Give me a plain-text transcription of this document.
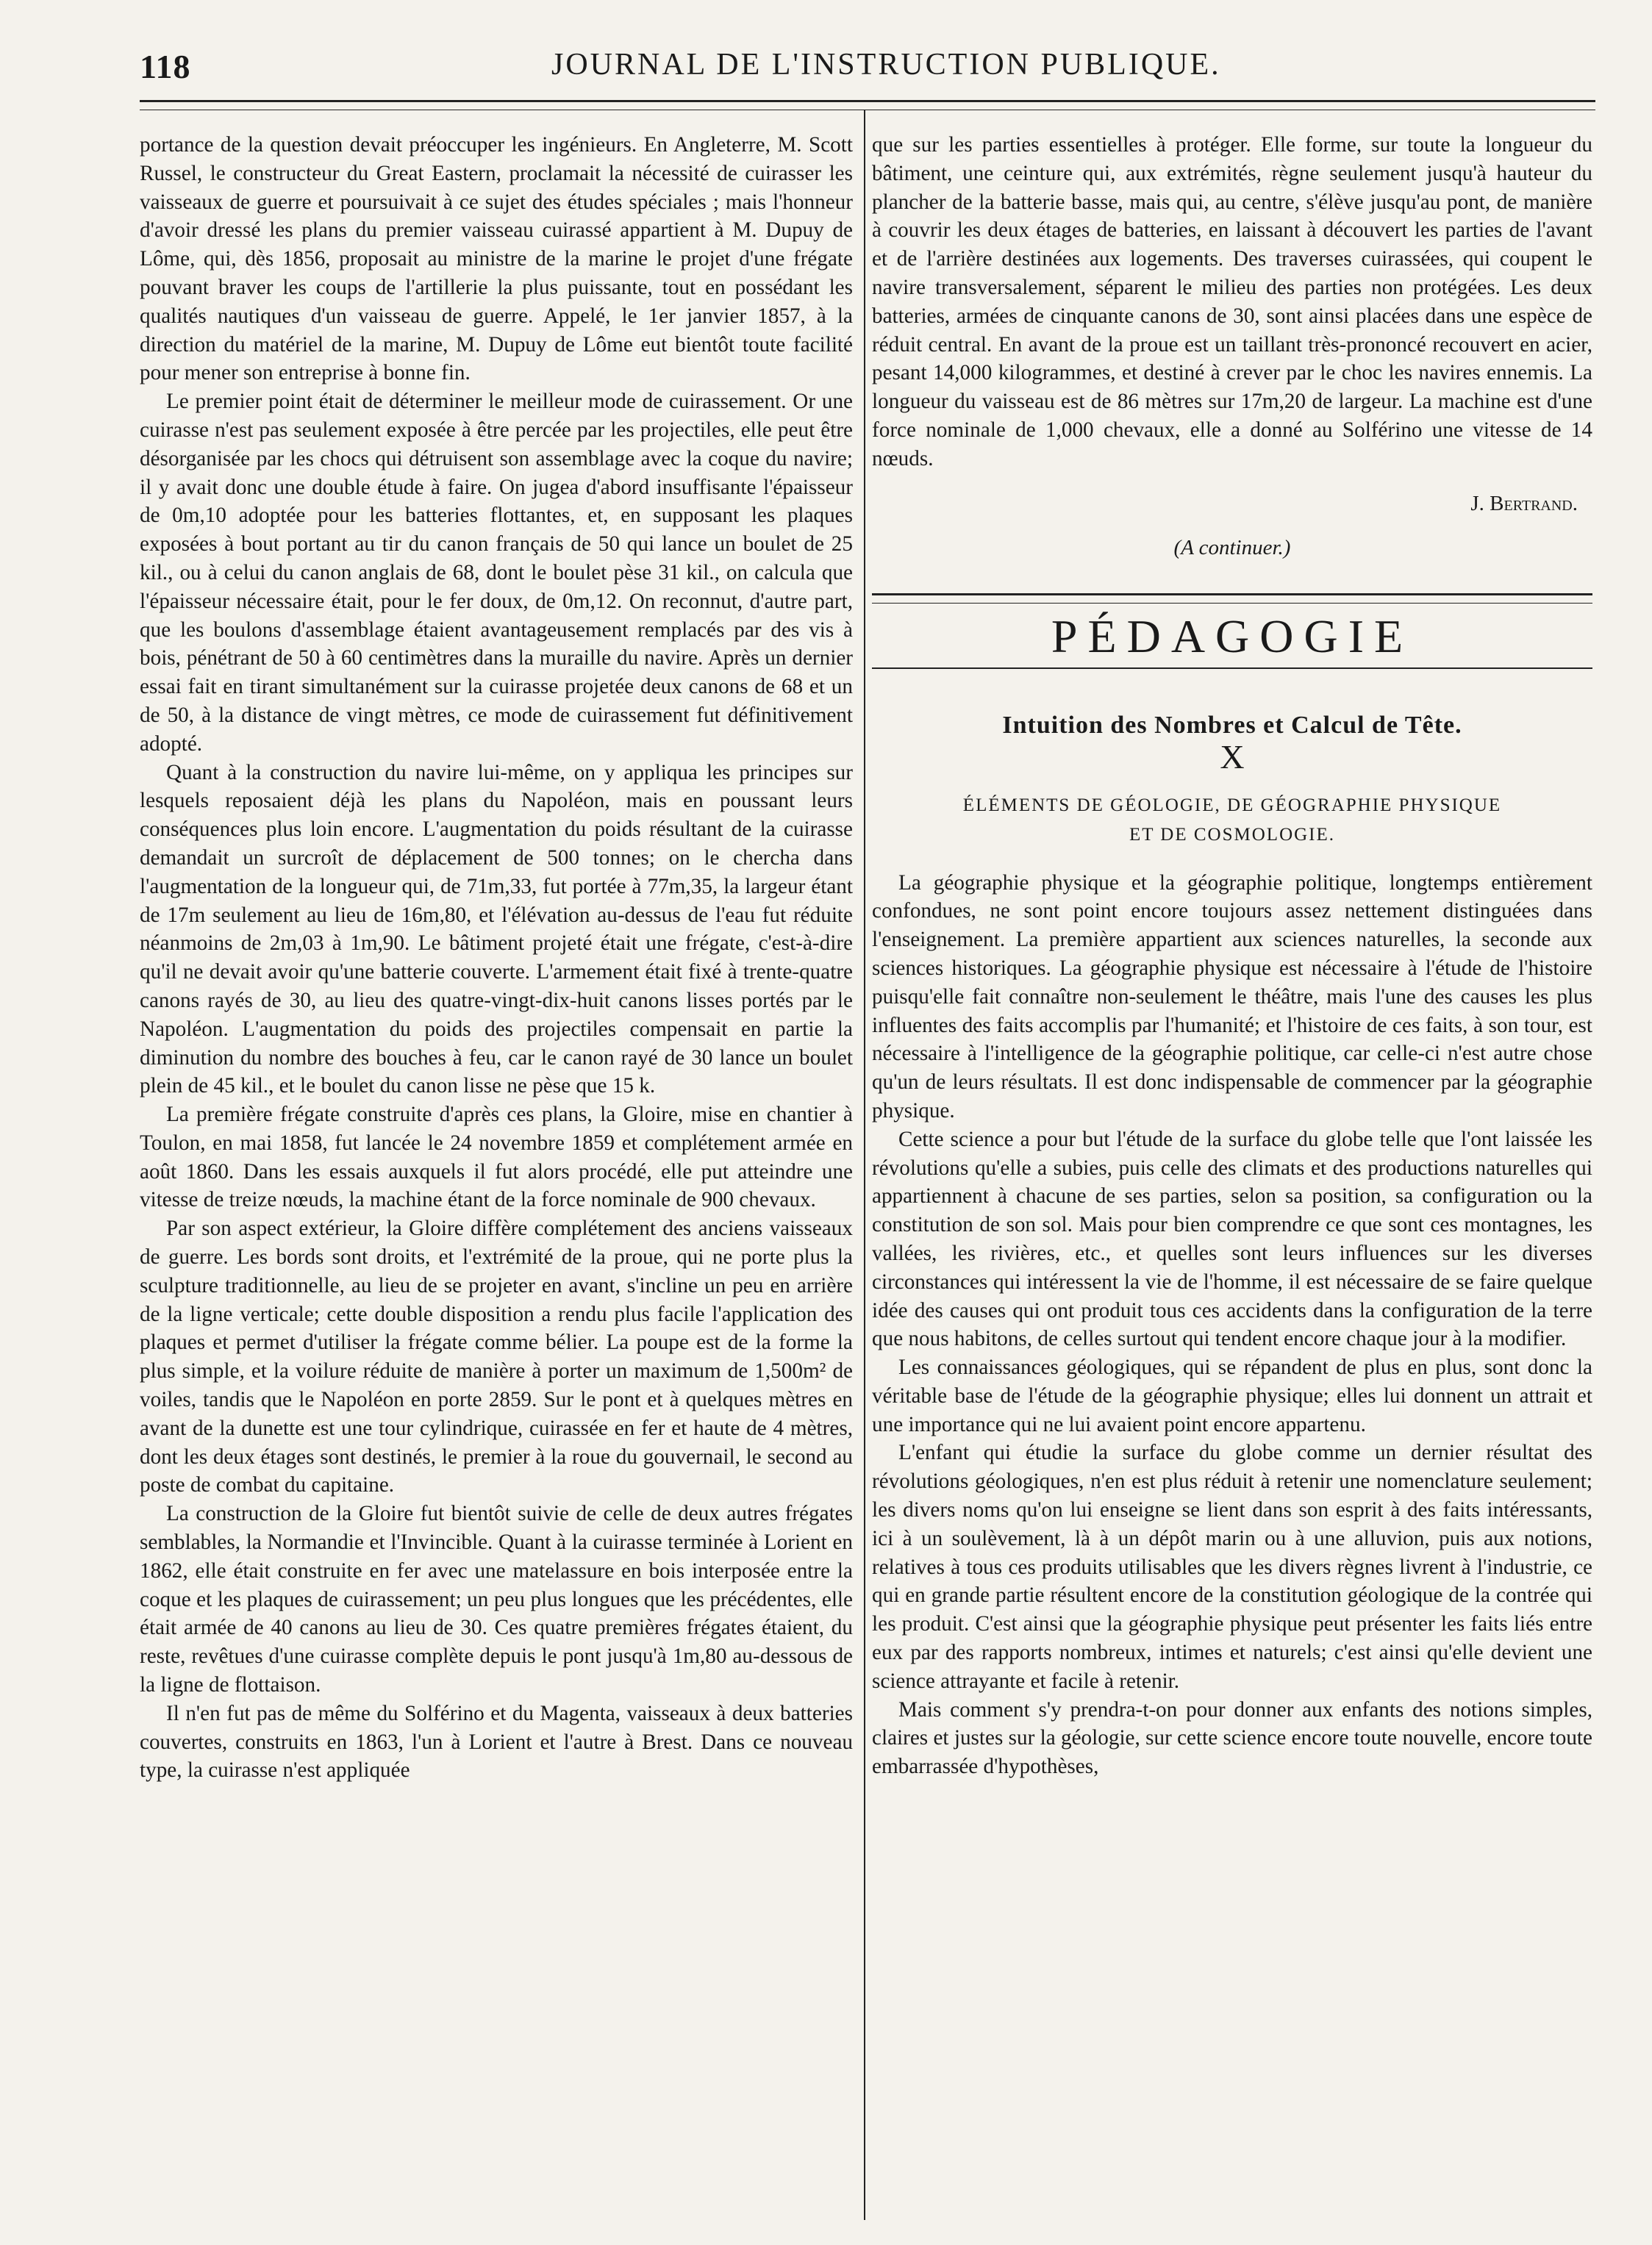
118	JOURNAL DE L'INSTRUCTION PUBLIQUE.

portance de la question devait préoccuper les ingénieurs. En Angleterre, M. Scott Russel, le constructeur du Great Eastern, proclamait la nécessité de cuirasser les vaisseaux de guerre et poursuivait à ce sujet des études spéciales ; mais l'honneur d'avoir dressé les plans du premier vaisseau cuirassé appartient à M. Dupuy de Lôme, qui, dès 1856, proposait au ministre de la marine le projet d'une frégate pouvant braver les coups de l'artillerie la plus puissante, tout en possédant les qualités nautiques d'un vaisseau de guerre. Appelé, le 1er janvier 1857, à la direction du matériel de la marine, M. Dupuy de Lôme eut bientôt toute facilité pour mener son entreprise à bonne fin.

Le premier point était de déterminer le meilleur mode de cuirassement. Or une cuirasse n'est pas seulement exposée à être percée par les projectiles, elle peut être désorganisée par les chocs qui détruisent son assemblage avec la coque du navire; il y avait donc une double étude à faire. On jugea d'abord insuffisante l'épaisseur de 0m,10 adoptée pour les batteries flottantes, et, en supposant les plaques exposées à bout portant au tir du canon français de 50 qui lance un boulet de 25 kil., ou à celui du canon anglais de 68, dont le boulet pèse 31 kil., on calcula que l'épaisseur nécessaire était, pour le fer doux, de 0m,12. On reconnut, d'autre part, que les boulons d'assemblage étaient avantageusement remplacés par des vis à bois, pénétrant de 50 à 60 centimètres dans la muraille du navire. Après un dernier essai fait en tirant simultanément sur la cuirasse projetée deux canons de 68 et un de 50, à la distance de vingt mètres, ce mode de cuirassement fut définitivement adopté.

Quant à la construction du navire lui-même, on y appliqua les principes sur lesquels reposaient déjà les plans du Napoléon, mais en poussant leurs conséquences plus loin encore. L'augmentation du poids résultant de la cuirasse demandait un surcroît de déplacement de 500 tonnes; on le chercha dans l'augmentation de la longueur qui, de 71m,33, fut portée à 77m,35, la largeur étant de 17m seulement au lieu de 16m,80, et l'élévation au-dessus de l'eau fut réduite néanmoins de 2m,03 à 1m,90. Le bâtiment projeté était une frégate, c'est-à-dire qu'il ne devait avoir qu'une batterie couverte. L'armement était fixé à trente-quatre canons rayés de 30, au lieu des quatre-vingt-dix-huit canons lisses portés par le Napoléon. L'augmentation du poids des projectiles compensait en partie la diminution du nombre des bouches à feu, car le canon rayé de 30 lance un boulet plein de 45 kil., et le boulet du canon lisse ne pèse que 15 k.

La première frégate construite d'après ces plans, la Gloire, mise en chantier à Toulon, en mai 1858, fut lancée le 24 novembre 1859 et complétement armée en août 1860. Dans les essais auxquels il fut alors procédé, elle put atteindre une vitesse de treize nœuds, la machine étant de la force nominale de 900 chevaux.

Par son aspect extérieur, la Gloire diffère complétement des anciens vaisseaux de guerre. Les bords sont droits, et l'extrémité de la proue, qui ne porte plus la sculpture traditionnelle, au lieu de se projeter en avant, s'incline un peu en arrière de la ligne verticale; cette double disposition a rendu plus facile l'application des plaques et permet d'utiliser la frégate comme bélier. La poupe est de la forme la plus simple, et la voilure réduite de manière à porter un maximum de 1,500m² de voiles, tandis que le Napoléon en porte 2859. Sur le pont et à quelques mètres en avant de la dunette est une tour cylindrique, cuirassée en fer et haute de 4 mètres, dont les deux étages sont destinés, le premier à la roue du gouvernail, le second au poste de combat du capitaine.

La construction de la Gloire fut bientôt suivie de celle de deux autres frégates semblables, la Normandie et l'Invincible. Quant à la cuirasse terminée à Lorient en 1862, elle était construite en fer avec une matelassure en bois interposée entre la coque et les plaques de cuirassement; un peu plus longues que les précédentes, elle était armée de 40 canons au lieu de 30. Ces quatre premières frégates étaient, du reste, revêtues d'une cuirasse complète depuis le pont jusqu'à 1m,80 au-dessous de la ligne de flottaison.

Il n'en fut pas de même du Solférino et du Magenta, vaisseaux à deux batteries couvertes, construits en 1863, l'un à Lorient et l'autre à Brest. Dans ce nouveau type, la cuirasse n'est appliquée

que sur les parties essentielles à protéger. Elle forme, sur toute la longueur du bâtiment, une ceinture qui, aux extrémités, règne seulement jusqu'à hauteur du plancher de la batterie basse, mais qui, au centre, s'élève jusqu'au pont, de manière à couvrir les deux étages de batteries, en laissant à découvert les parties de l'avant et de l'arrière destinées aux logements. Des traverses cuirassées, qui coupent le navire transversalement, séparent le milieu des parties non protégées. Les deux batteries, armées de cinquante canons de 30, sont ainsi placées dans une espèce de réduit central. En avant de la proue est un taillant très-prononcé recouvert en acier, pesant 14,000 kilogrammes, et destiné à crever par le choc les navires ennemis. La longueur du vaisseau est de 86 mètres sur 17m,20 de largeur. La machine est d'une force nominale de 1,000 chevaux, elle a donné au Solférino une vitesse de 14 nœuds.

J. Bertrand.
(A continuer.)
PÉDAGOGIE
Intuition des Nombres et Calcul de Tête.
X
ÉLÉMENTS DE GÉOLOGIE, DE GÉOGRAPHIE PHYSIQUE
ET DE COSMOLOGIE.

La géographie physique et la géographie politique, longtemps entièrement confondues, ne sont point encore toujours assez nettement distinguées dans l'enseignement. La première appartient aux sciences naturelles, la seconde aux sciences historiques. La géographie physique est nécessaire à l'étude de l'histoire puisqu'elle fait connaître non-seulement le théâtre, mais l'une des causes les plus influentes des faits accomplis par l'humanité; et l'histoire de ces faits, à son tour, est nécessaire à l'intelligence de la géographie politique, car celle-ci n'est autre chose qu'un de leurs résultats. Il est donc indispensable de commencer par la géographie physique.

Cette science a pour but l'étude de la surface du globe telle que l'ont laissée les révolutions qu'elle a subies, puis celle des climats et des productions naturelles qui appartiennent à chacune de ses parties, selon sa position, sa configuration ou la constitution de son sol. Mais pour bien comprendre ce que sont ces montagnes, les vallées, les rivières, etc., et quelles sont leurs influences sur les diverses circonstances qui intéressent la vie de l'homme, il est nécessaire de se faire quelque idée des causes qui ont produit tous ces accidents dans la configuration de la terre que nous habitons, de celles surtout qui tendent encore chaque jour à la modifier.

Les connaissances géologiques, qui se répandent de plus en plus, sont donc la véritable base de l'étude de la géographie physique; elles lui donnent un attrait et une importance qui ne lui avaient point encore appartenu.

L'enfant qui étudie la surface du globe comme un dernier résultat des révolutions géologiques, n'en est plus réduit à retenir une nomenclature seulement; les divers noms qu'on lui enseigne se lient dans son esprit à des faits intéressants, ici à un soulèvement, là à un dépôt marin ou à une alluvion, puis aux notions, relatives à tous ces produits utilisables que les divers règnes livrent à l'industrie, ce qui en grande partie résultent encore de la constitution géologique de la contrée qui les produit. C'est ainsi que la géographie physique peut présenter les faits liés entre eux par des rapports nombreux, intimes et naturels; c'est ainsi qu'elle devient une science attrayante et facile à retenir.

Mais comment s'y prendra-t-on pour donner aux enfants des notions simples, claires et justes sur la géologie, sur cette science encore toute nouvelle, encore toute embarrassée d'hypothèses,
